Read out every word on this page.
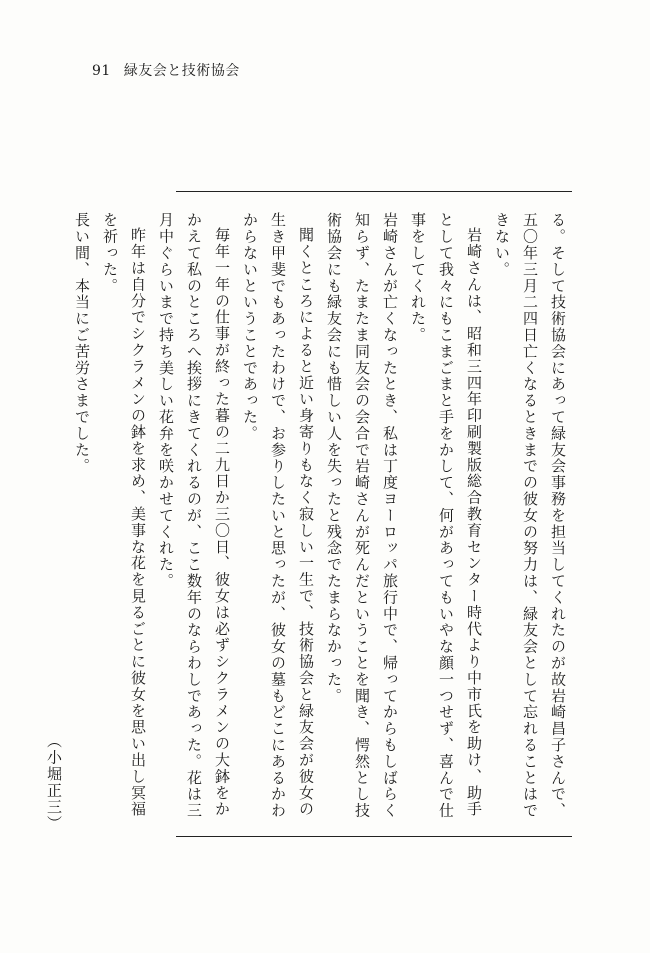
91 緑友会と技術協会

る。そして技術協会にあって緑友会事務を担当してくれたのが故岩崎昌子さんで、五〇年三月二四日亡くなるときまでの彼女の努力は、緑友会として忘れることはできない。

岩崎さんは、昭和三四年印刷製版総合教育センター時代より中市氏を助け、助手として我々にもこまごまと手をかして、何があってもいやな顔一つせず、喜んで仕事をしてくれた。

岩崎さんが亡くなったとき、私は丁度ヨーロッパ旅行中で、帰ってからもしばらく知らず、たまたま同友会の会合で岩崎さんが死んだということを聞き、愕然とし技術協会にも緑友会にも惜しい人を失ったと残念でたまらなかった。

聞くところによると近い身寄りもなく寂しい一生で、技術協会と緑友会が彼女の生き甲斐でもあったわけで、お参りしたいと思ったが、彼女の墓もどこにあるかわからないということであった。

毎年一年の仕事が終った暮の二九日か三〇日、彼女は必ずシクラメンの大鉢をかかえて私のところへ挨拶にきてくれるのが、ここ数年のならわしであった。花は三月中ぐらいまで持ち美しい花弁を咲かせてくれた。

昨年は自分でシクラメンの鉢を求め、美事な花を見るごとに彼女を思い出し冥福を祈った。

長い間、本当にご苦労さまでした。
（小堀正三）
